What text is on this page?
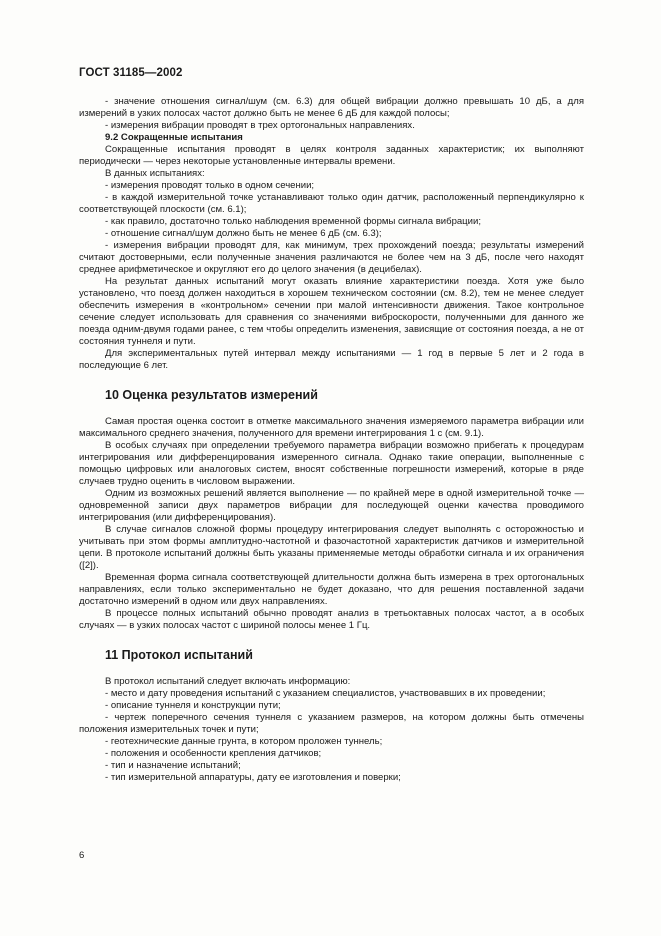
ГОСТ 31185—2002

- значение отношения сигнал/шум (см. 6.3) для общей вибрации должно превышать 10 дБ, а для измерений в узких полосах частот должно быть не менее 6 дБ для каждой полосы;

- измерения вибрации проводят в трех ортогональных направлениях.

9.2 Сокращенные испытания

Сокращенные испытания проводят в целях контроля заданных характеристик; их выполняют периодически — через некоторые установленные интервалы времени.

В данных испытаниях:

- измерения проводят только в одном сечении;

- в каждой измерительной точке устанавливают только один датчик, расположенный перпендикулярно к соответствующей плоскости (см. 6.1);

- как правило, достаточно только наблюдения временной формы сигнала вибрации;

- отношение сигнал/шум должно быть не менее 6 дБ (см. 6.3);

- измерения вибрации проводят для, как минимум, трех прохождений поезда; результаты измерений считают достоверными, если полученные значения различаются не более чем на 3 дБ, после чего находят среднее арифметическое и округляют его до целого значения (в децибелах).

На результат данных испытаний могут оказать влияние характеристики поезда. Хотя уже было установлено, что поезд должен находиться в хорошем техническом состоянии (см. 8.2), тем не менее следует обеспечить измерения в «контрольном» сечении при малой интенсивности движения. Такое контрольное сечение следует использовать для сравнения со значениями виброскорости, полученными для данного же поезда одним-двумя годами ранее, с тем чтобы определить изменения, зависящие от состояния поезда, а не от состояния туннеля и пути.

Для экспериментальных путей интервал между испытаниями — 1 год в первые 5 лет и 2 года в последующие 6 лет.

10 Оценка результатов измерений

Самая простая оценка состоит в отметке максимального значения измеряемого параметра вибрации или максимального среднего значения, полученного для времени интегрирования 1 с (см. 9.1).

В особых случаях при определении требуемого параметра вибрации возможно прибегать к процедурам интегрирования или дифференцирования измеренного сигнала. Однако такие операции, выполненные с помощью цифровых или аналоговых систем, вносят собственные погрешности измерений, которые в ряде случаев трудно оценить в числовом выражении.

Одним из возможных решений является выполнение — по крайней мере в одной измерительной точке — одновременной записи двух параметров вибрации для последующей оценки качества проводимого интегрирования (или дифференцирования).

В случае сигналов сложной формы процедуру интегрирования следует выполнять с осторожностью и учитывать при этом формы амплитудно-частотной и фазочастотной характеристик датчиков и измерительной цепи. В протоколе испытаний должны быть указаны применяемые методы обработки сигнала и их ограничения ([2]).

Временная форма сигнала соответствующей длительности должна быть измерена в трех ортогональных направлениях, если только экспериментально не будет доказано, что для решения поставленной задачи достаточно измерений в одном или двух направлениях.

В процессе полных испытаний обычно проводят анализ в третьоктавных полосах частот, а в особых случаях — в узких полосах частот с шириной полосы менее 1 Гц.

11 Протокол испытаний

В протокол испытаний следует включать информацию:

- место и дату проведения испытаний с указанием специалистов, участвовавших в их проведении;

- описание туннеля и конструкции пути;

- чертеж поперечного сечения туннеля с указанием размеров, на котором должны быть отмечены положения измерительных точек и пути;

- геотехнические данные грунта, в котором проложен туннель;

- положения и особенности крепления датчиков;

- тип и назначение испытаний;

- тип измерительной аппаратуры, дату ее изготовления и поверки;

6
